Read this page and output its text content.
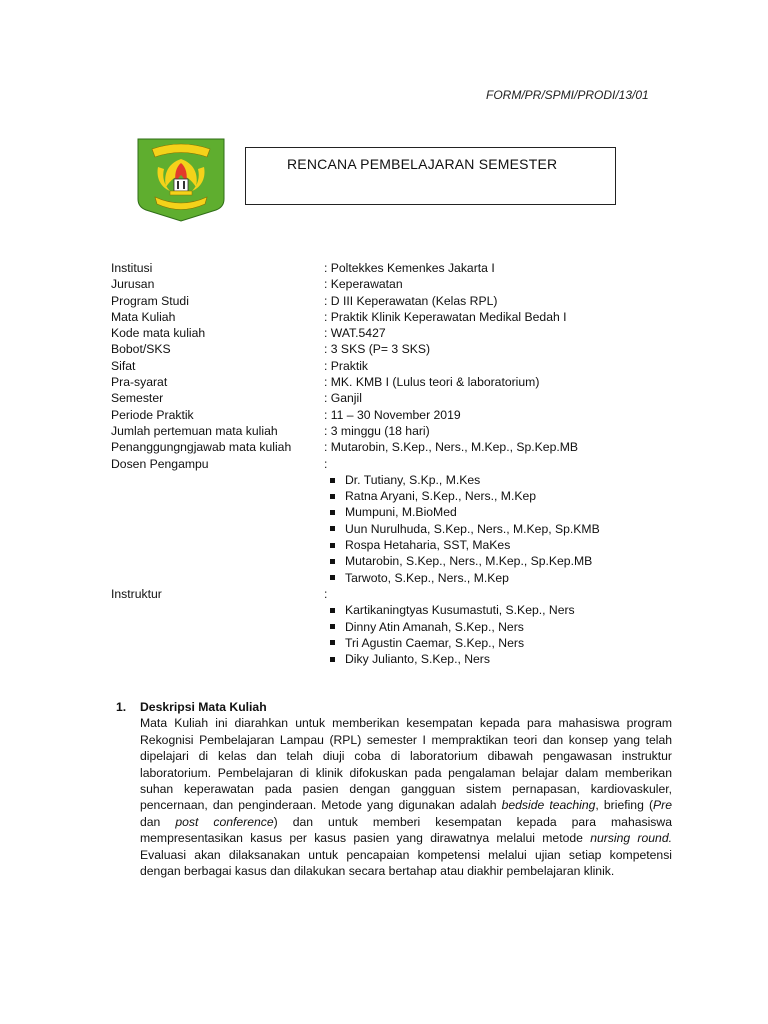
FORM/PR/SPMI/PRODI/13/01
RENCANA PEMBELAJARAN SEMESTER
Institusi	: Poltekkes Kemenkes Jakarta I
Jurusan	: Keperawatan
Program Studi	: D III Keperawatan (Kelas RPL)
Mata Kuliah	: Praktik Klinik Keperawatan Medikal Bedah I
Kode mata kuliah	: WAT.5427
Bobot/SKS	: 3 SKS (P= 3 SKS)
Sifat	: Praktik
Pra-syarat	: MK. KMB I (Lulus teori & laboratorium)
Semester	: Ganjil
Periode Praktik	: 11 – 30 November 2019
Jumlah pertemuan mata kuliah	: 3 minggu (18 hari)
Penanggungngjawab mata kuliah	: Mutarobin, S.Kep., Ners., M.Kep., Sp.Kep.MB
Dosen Pengampu	:
Dr. Tutiany, S.Kp., M.Kes
Ratna Aryani, S.Kep., Ners., M.Kep
Mumpuni, M.BioMed
Uun Nurulhuda, S.Kep., Ners., M.Kep, Sp.KMB
Rospa Hetaharia, SST, MaKes
Mutarobin, S.Kep., Ners., M.Kep., Sp.Kep.MB
Tarwoto, S.Kep., Ners., M.Kep
Instruktur	:
Kartikaningtyas Kusumastuti, S.Kep., Ners
Dinny Atin Amanah, S.Kep., Ners
Tri Agustin Caemar, S.Kep., Ners
Diky Julianto, S.Kep., Ners
1.	Deskripsi Mata Kuliah
Mata Kuliah ini diarahkan untuk memberikan kesempatan kepada para mahasiswa program Rekognisi Pembelajaran Lampau (RPL) semester I mempraktikan teori dan konsep yang telah dipelajari di kelas dan telah diuji coba di laboratorium dibawah pengawasan instruktur laboratorium. Pembelajaran di klinik difokuskan pada pengalaman belajar dalam memberikan suhan keperawatan pada pasien dengan gangguan sistem pernapasan, kardiovaskuler, pencernaan, dan penginderaan. Metode yang digunakan adalah bedside teaching, briefing (Pre dan post conference) dan untuk memberi kesempatan kepada para mahasiswa mempresentasikan kasus per kasus pasien yang dirawatnya melalui metode nursing round. Evaluasi akan dilaksanakan untuk pencapaian kompetensi melalui ujian setiap kompetensi dengan berbagai kasus dan dilakukan secara bertahap atau diakhir pembelajaran klinik.
